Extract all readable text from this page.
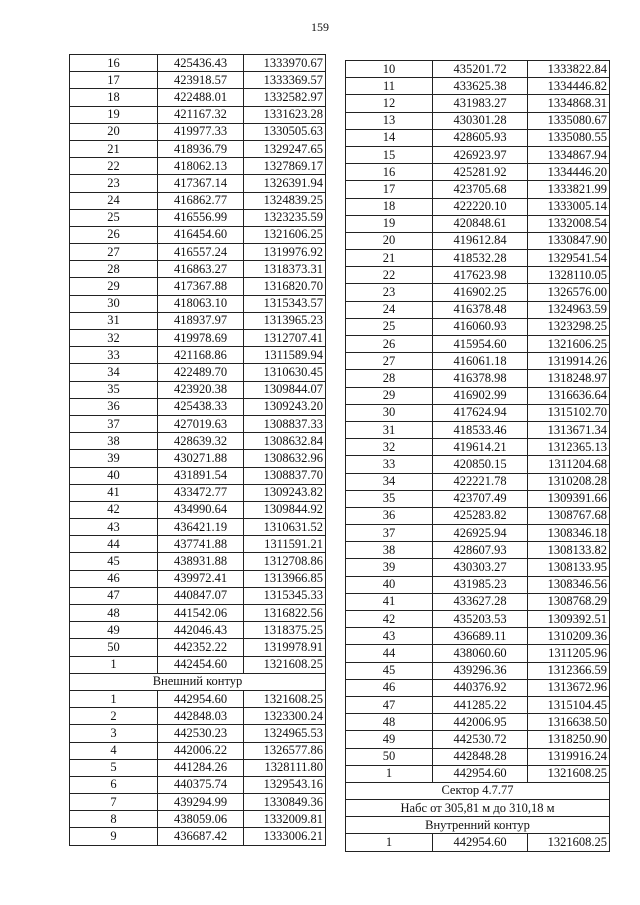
159
16	425436.43	1333970.67
17	423918.57	1333369.57
18	422488.01	1332582.97
19	421167.32	1331623.28
20	419977.33	1330505.63
21	418936.79	1329247.65
22	418062.13	1327869.17
23	417367.14	1326391.94
24	416862.77	1324839.25
25	416556.99	1323235.59
26	416454.60	1321606.25
27	416557.24	1319976.92
28	416863.27	1318373.31
29	417367.88	1316820.70
30	418063.10	1315343.57
31	418937.97	1313965.23
32	419978.69	1312707.41
33	421168.86	1311589.94
34	422489.70	1310630.45
35	423920.38	1309844.07
36	425438.33	1309243.20
37	427019.63	1308837.33
38	428639.32	1308632.84
39	430271.88	1308632.96
40	431891.54	1308837.70
41	433472.77	1309243.82
42	434990.64	1309844.92
43	436421.19	1310631.52
44	437741.88	1311591.21
45	438931.88	1312708.86
46	439972.41	1313966.85
47	440847.07	1315345.33
48	441542.06	1316822.56
49	442046.43	1318375.25
50	442352.22	1319978.91
1	442454.60	1321608.25
Внешний контур		
1	442954.60	1321608.25
2	442848.03	1323300.24
3	442530.23	1324965.53
4	442006.22	1326577.86
5	441284.26	1328111.80
6	440375.74	1329543.16
7	439294.99	1330849.36
8	438059.06	1332009.81
9	436687.42	1333006.21
10	435201.72	1333822.84
11	433625.38	1334446.82
12	431983.27	1334868.31
13	430301.28	1335080.67
14	428605.93	1335080.55
15	426923.97	1334867.94
16	425281.92	1334446.20
17	423705.68	1333821.99
18	422220.10	1333005.14
19	420848.61	1332008.54
20	419612.84	1330847.90
21	418532.28	1329541.54
22	417623.98	1328110.05
23	416902.25	1326576.00
24	416378.48	1324963.59
25	416060.93	1323298.25
26	415954.60	1321606.25
27	416061.18	1319914.26
28	416378.98	1318248.97
29	416902.99	1316636.64
30	417624.94	1315102.70
31	418533.46	1313671.34
32	419614.21	1312365.13
33	420850.15	1311204.68
34	422221.78	1310208.28
35	423707.49	1309391.66
36	425283.82	1308767.68
37	426925.94	1308346.18
38	428607.93	1308133.82
39	430303.27	1308133.95
40	431985.23	1308346.56
41	433627.28	1308768.29
42	435203.53	1309392.51
43	436689.11	1310209.36
44	438060.60	1311205.96
45	439296.36	1312366.59
46	440376.92	1313672.96
47	441285.22	1315104.45
48	442006.95	1316638.50
49	442530.72	1318250.90
50	442848.28	1319916.24
1	442954.60	1321608.25
Сектор 4.7.77		
Набс от 305,81 м до 310,18 м		
Внутренний контур		
1	442954.60	1321608.25
